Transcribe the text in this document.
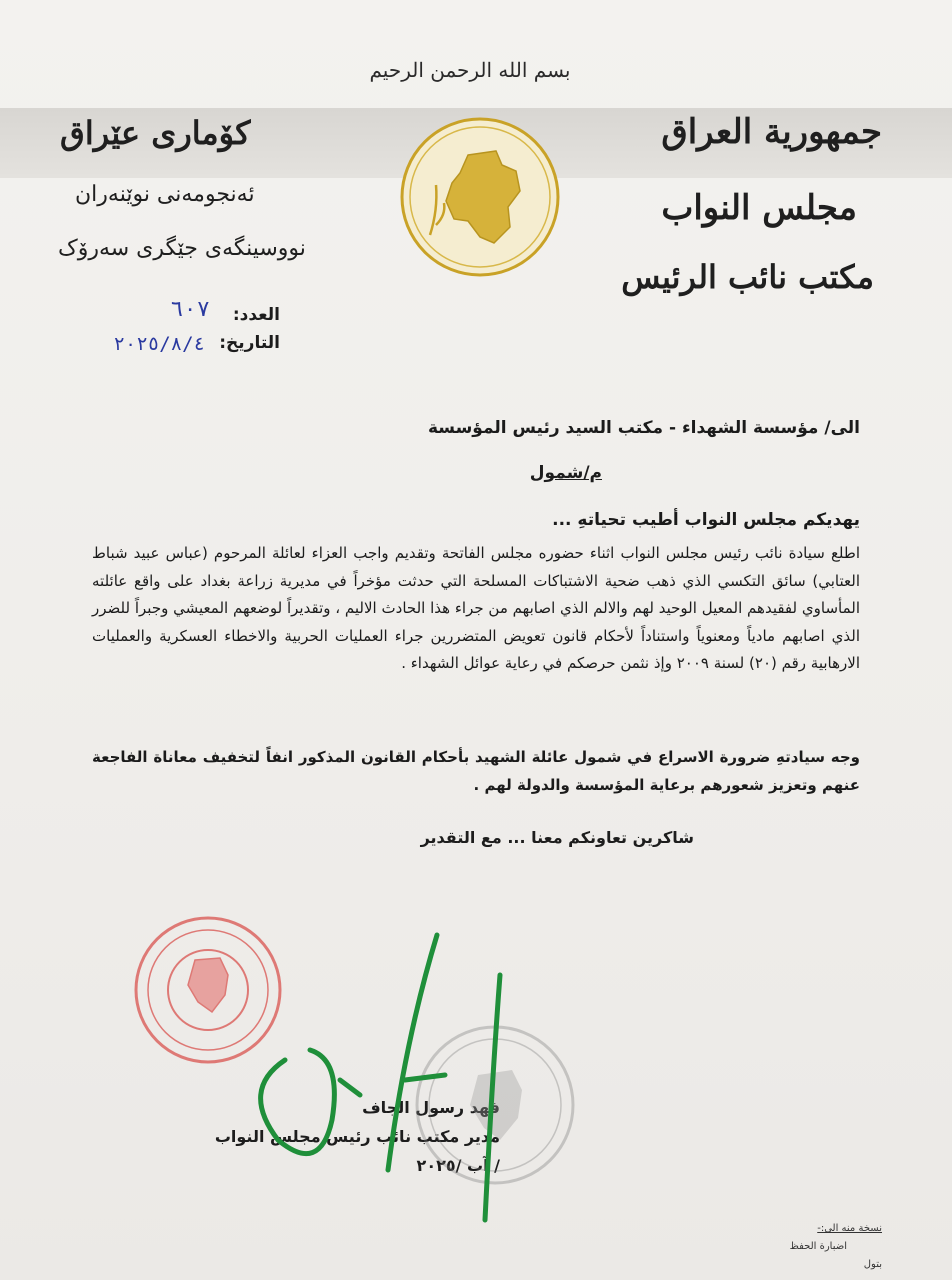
بسم الله الرحمن الرحيم
جمهورية العراق
مجلس النواب
مكتب نائب الرئيس
كۆماری عێراق
ئەنجومەنی نوێنەران
نووسینگەی جێگری سەرۆک
العدد:
٦٠٧
التاريخ:
٢٠٢٥/٨/٤
الى/ مؤسسة الشهداء - مكتب السيد رئيس المؤسسة
م/شمول
يهديكم مجلس النواب أطيب تحياتهِ ...
اطلع سيادة نائب رئيس مجلس النواب اثناء حضوره مجلس الفاتحة وتقديم واجب العزاء لعائلة المرحوم (عباس عبيد شباط العتابي) سائق التكسي الذي ذهب ضحية الاشتباكات المسلحة التي حدثت مؤخراً في مديرية زراعة بغداد على واقع عائلته المأساوي لفقيدهم المعيل الوحيد لهم والالم الذي اصابهم من جراء هذا الحادث الاليم ، وتقديراً لوضعهم المعيشي وجبراً للضرر الذي اصابهم مادياً ومعنوياً واستناداً لأحكام قانون تعويض المتضررين جراء العمليات الحربية والاخطاء العسكرية والعمليات الارهابية رقم (٢٠) لسنة ٢٠٠٩ وإذ نثمن حرصكم في رعاية عوائل الشهداء .
وجه سيادتهِ ضرورة الاسراع في شمول عائلة الشهيد بأحكام القانون المذكور انفاً لتخفيف معاناة الفاجعة عنهم وتعزيز شعورهم برعاية المؤسسة والدولة لهم .
شاكرين تعاونكم معنا ... مع التقدير
فهد رسول الجاف
مدير مكتب نائب رئيس مجلس النواب
/ آب /٢٠٢٥
نسخة منه الى:-
اضبارة الحفظ
بتول
